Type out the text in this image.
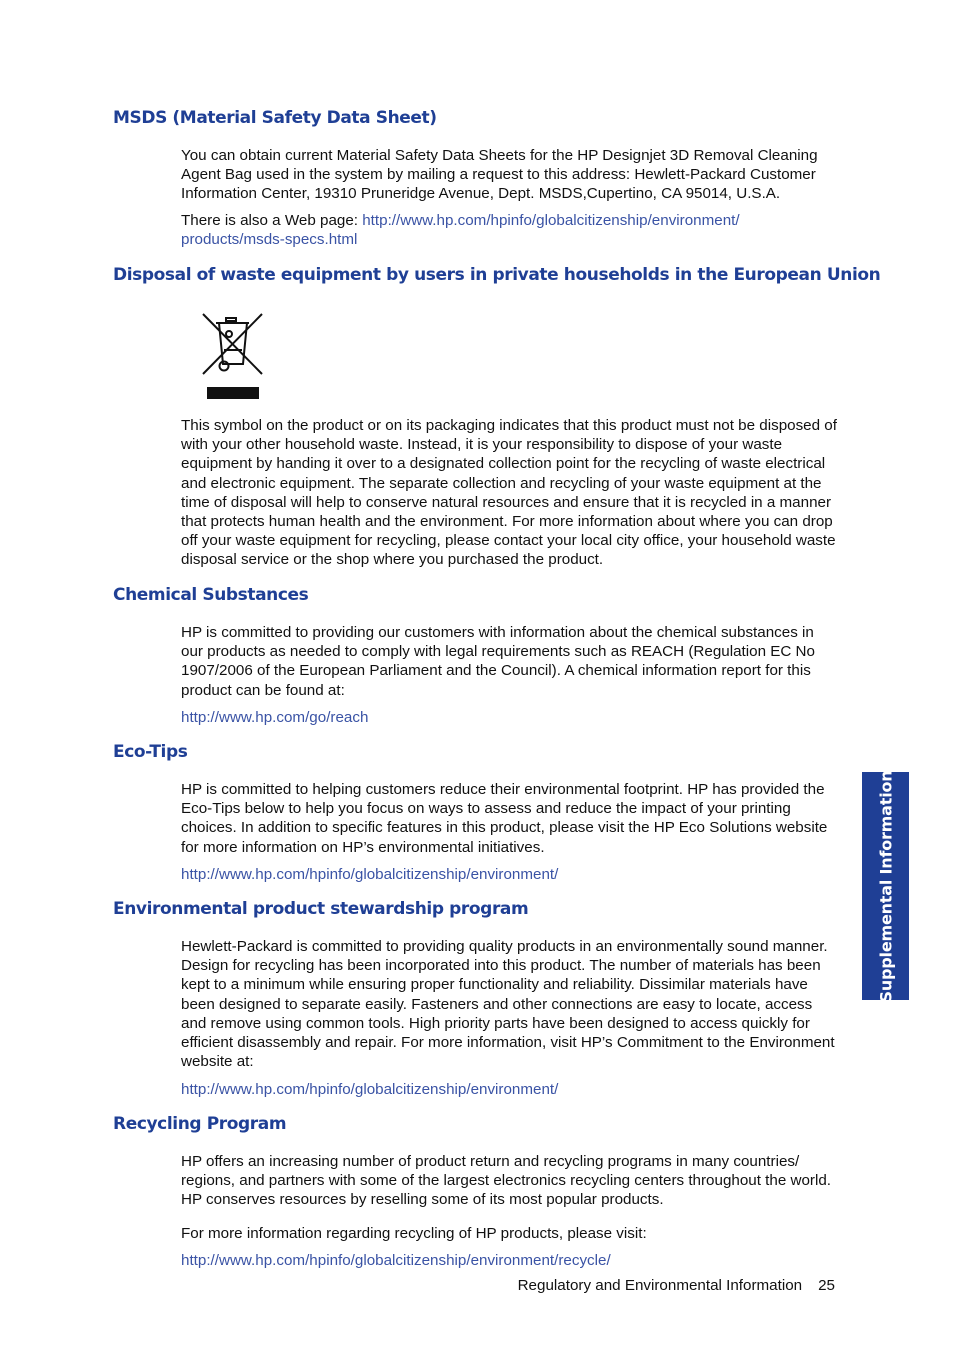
MSDS (Material Safety Data Sheet)

You can obtain current Material Safety Data Sheets for the HP Designjet 3D Removal Cleaning Agent Bag used in the system by mailing a request to this address: Hewlett-Packard Customer Information Center, 19310 Pruneridge Avenue, Dept. MSDS,Cupertino, CA 95014, U.S.A.

There is also a Web page: http://www.hp.com/hpinfo/globalcitizenship/environment/ products/msds-specs.html

Disposal of waste equipment by users in private households in the European Union

This symbol on the product or on its packaging indicates that this product must not be disposed of with your other household waste. Instead, it is your responsibility to dispose of your waste equipment by handing it over to a designated collection point for the recycling of waste electrical and electronic equipment. The separate collection and recycling of your waste equipment at the time of disposal will help to conserve natural resources and ensure that it is recycled in a manner that protects human health and the environment. For more information about where you can drop off your waste equipment for recycling, please contact your local city office, your household waste disposal service or the shop where you purchased the product.

Chemical Substances

HP is committed to providing our customers with information about the chemical substances in our products as needed to comply with legal requirements such as REACH (Regulation EC No 1907/2006 of the European Parliament and the Council). A chemical information report for this product can be found at:

http://www.hp.com/go/reach

Eco-Tips

HP is committed to helping customers reduce their environmental footprint. HP has provided the Eco-Tips below to help you focus on ways to assess and reduce the impact of your printing choices. In addition to specific features in this product, please visit the HP Eco Solutions website for more information on HP’s environmental initiatives.

http://www.hp.com/hpinfo/globalcitizenship/environment/

Environmental product stewardship program

Hewlett-Packard is committed to providing quality products in an environmentally sound manner. Design for recycling has been incorporated into this product. The number of materials has been kept to a minimum while ensuring proper functionality and reliability. Dissimilar materials have been designed to separate easily. Fasteners and other connections are easy to locate, access and remove using common tools. High priority parts have been designed to access quickly for efficient disassembly and repair. For more information, visit HP’s Commitment to the Environment website at:

http://www.hp.com/hpinfo/globalcitizenship/environment/

Recycling Program

HP offers an increasing number of product return and recycling programs in many countries/ regions, and partners with some of the largest electronics recycling centers throughout the world. HP conserves resources by reselling some of its most popular products.

For more information regarding recycling of HP products, please visit:

http://www.hp.com/hpinfo/globalcitizenship/environment/recycle/

Supplemental Information
Regulatory and Environmental Information 25
